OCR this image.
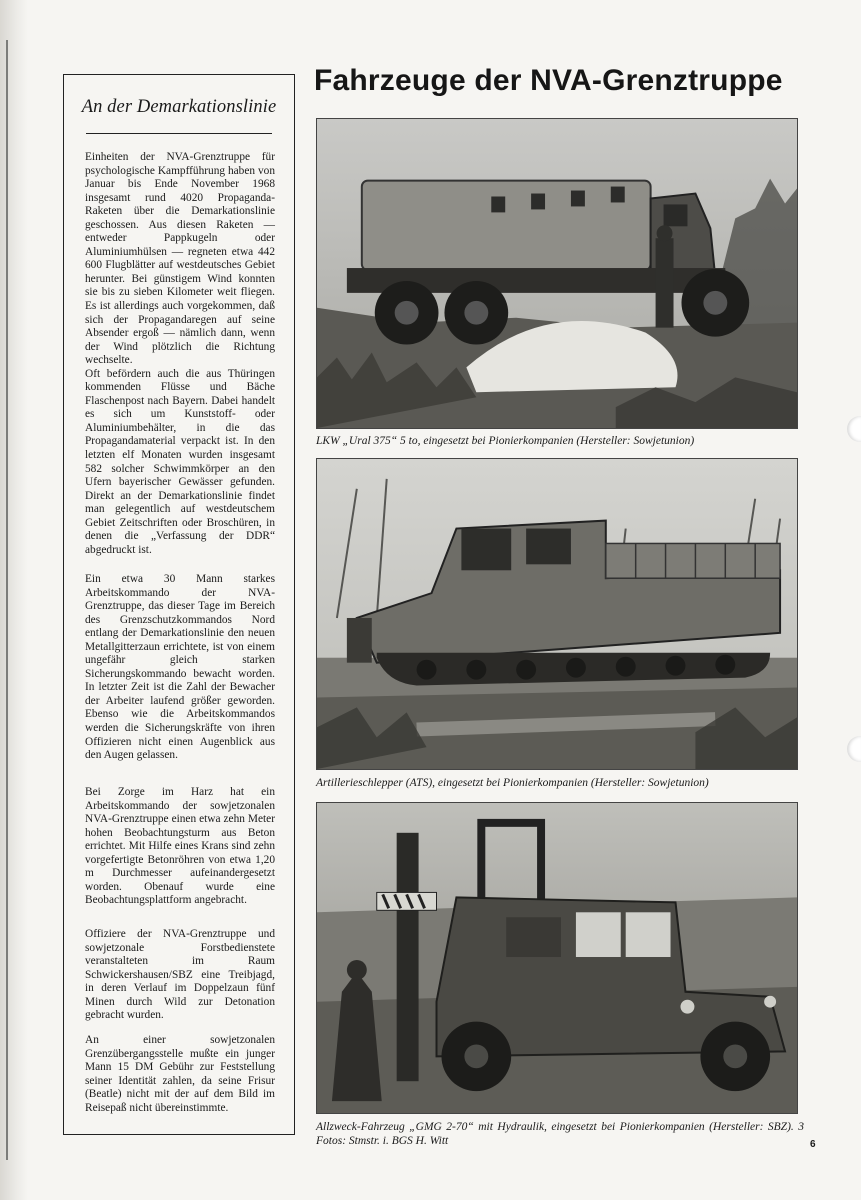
An der Demarkationslinie

Einheiten der NVA-Grenztruppe für psychologische Kampfführung haben von Januar bis Ende November 1968 insgesamt rund 4020 Propaganda-Raketen über die Demarkationslinie geschossen. Aus diesen Raketen — entweder Pappkugeln oder Aluminiumhülsen — regneten etwa 442 600 Flugblätter auf westdeutsches Gebiet herunter. Bei günstigem Wind konnten sie bis zu sieben Kilometer weit fliegen. Es ist allerdings auch vorgekommen, daß sich der Propagandaregen auf seine Absender ergoß — nämlich dann, wenn der Wind plötzlich die Richtung wechselte.

Oft befördern auch die aus Thüringen kommenden Flüsse und Bäche Flaschenpost nach Bayern. Dabei handelt es sich um Kunststoff- oder Aluminiumbehälter, in die das Propagandamaterial verpackt ist. In den letzten elf Monaten wurden insgesamt 582 solcher Schwimmkörper an den Ufern bayerischer Gewässer gefunden. Direkt an der Demarkationslinie findet man gelegentlich auf westdeutschem Gebiet Zeitschriften oder Broschüren, in denen die „Verfassung der DDR“ abgedruckt ist.

Ein etwa 30 Mann starkes Arbeitskommando der NVA-Grenztruppe, das dieser Tage im Bereich des Grenzschutzkommandos Nord entlang der Demarkationslinie den neuen Metallgitterzaun errichtete, ist von einem ungefähr gleich starken Sicherungskommando bewacht worden. In letzter Zeit ist die Zahl der Bewacher der Arbeiter laufend größer geworden. Ebenso wie die Arbeitskommandos werden die Sicherungskräfte von ihren Offizieren nicht einen Augenblick aus den Augen gelassen.

Bei Zorge im Harz hat ein Arbeitskommando der sowjetzonalen NVA-Grenztruppe einen etwa zehn Meter hohen Beobachtungsturm aus Beton errichtet. Mit Hilfe eines Krans sind zehn vorgefertigte Betonröhren von etwa 1,20 m Durchmesser aufeinandergesetzt worden. Obenauf wurde eine Beobachtungsplattform angebracht.

Offiziere der NVA-Grenztruppe und sowjetzonale Forstbedienstete veranstalteten im Raum Schwickershausen/SBZ eine Treibjagd, in deren Verlauf im Doppelzaun fünf Minen durch Wild zur Detonation gebracht wurden.

An einer sowjetzonalen Grenzübergangsstelle mußte ein junger Mann 15 DM Gebühr zur Feststellung seiner Identität zahlen, da seine Frisur (Beatle) nicht mit der auf dem Bild im Reisepaß nicht übereinstimmte.

Fahrzeuge der NVA-Grenztruppe
LKW „Ural 375“ 5 to, eingesetzt bei Pionierkompanien (Hersteller: Sowjetunion)
Artillerieschlepper (ATS), eingesetzt bei Pionierkompanien (Hersteller: Sowjetunion)
Allzweck-Fahrzeug „GMG 2-70“ mit Hydraulik, eingesetzt bei Pionierkompanien (Hersteller: SBZ). 3 Fotos: Stmstr. i. BGS H. Witt	6
